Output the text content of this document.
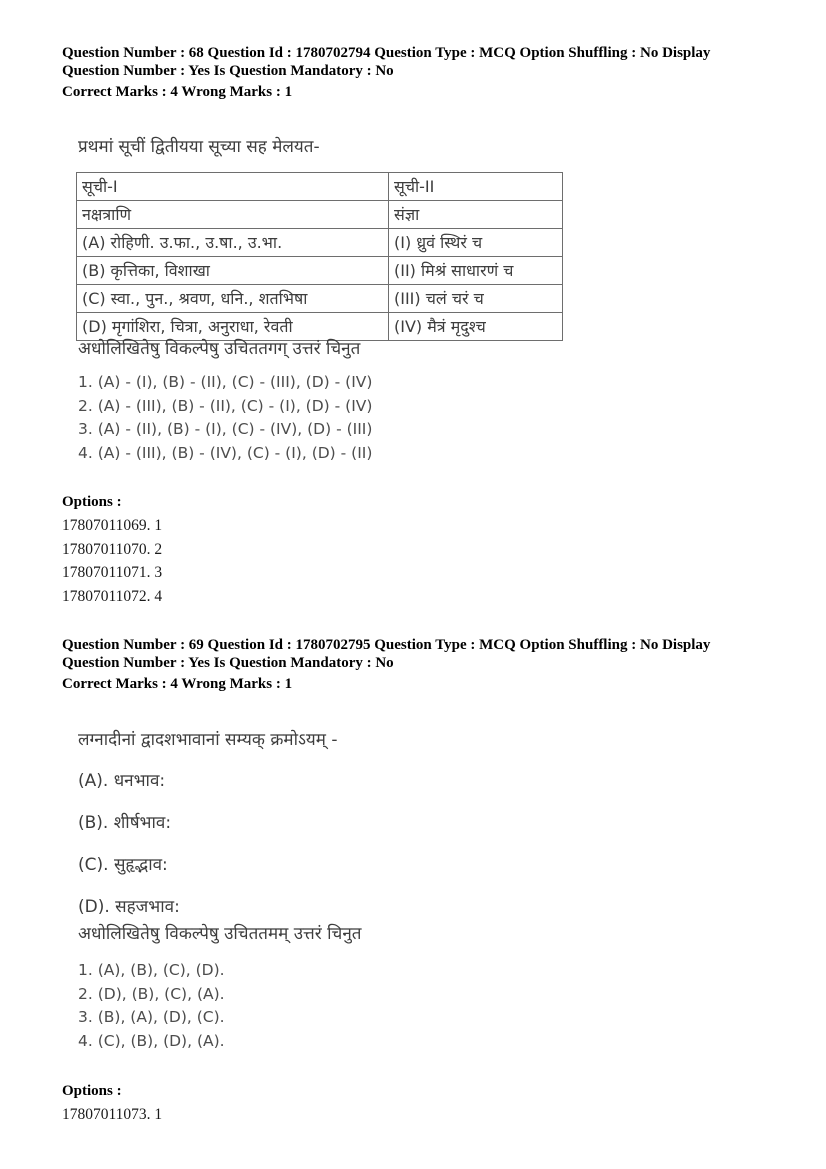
Question Number : 68 Question Id : 1780702794 Question Type : MCQ Option Shuffling : No Display
Question Number : Yes Is Question Mandatory : No
Correct Marks : 4 Wrong Marks : 1
प्रथमां सूचीं द्वितीयया सूच्या सह मेलयत-
सूची-I	सूची-II
नक्षत्राणि	संज्ञा
(A) रोहिणी. उ.फा., उ.षा., उ.भा.	(I) ध्रुवं स्थिरं च
(B) कृत्तिका, विशाखा	(II) मिश्रं साधारणं च
(C) स्वा., पुन., श्रवण, धनि., शतभिषा	(III) चलं चरं च
(D) मृगांशिरा, चित्रा, अनुराधा, रेवती	(IV) मैत्रं मृदुश्च
अधोलिखितेषु विकल्पेषु उचिततगग् उत्तरं चिनुत
1. (A) - (I), (B) - (II), (C) - (III), (D) - (IV)
2. (A) - (III), (B) - (II), (C) - (I), (D) - (IV)
3. (A) - (II), (B) - (I), (C) - (IV), (D) - (III)
4. (A) - (III), (B) - (IV), (C) - (I), (D) - (II)
Options :
17807011069. 1
17807011070. 2
17807011071. 3
17807011072. 4
Question Number : 69 Question Id : 1780702795 Question Type : MCQ Option Shuffling : No Display
Question Number : Yes Is Question Mandatory : No
Correct Marks : 4 Wrong Marks : 1
लग्नादीनां द्वादशभावानां सम्यक् क्रमोऽयम् -
(A). धनभाव:
(B). शीर्षभाव:
(C). सुहृद्भाव:
(D). सहजभाव:
अधोलिखितेषु विकल्पेषु उचिततमम् उत्तरं चिनुत
1. (A), (B), (C), (D).
2. (D), (B), (C), (A).
3. (B), (A), (D), (C).
4. (C), (B), (D), (A).
Options :
17807011073. 1
